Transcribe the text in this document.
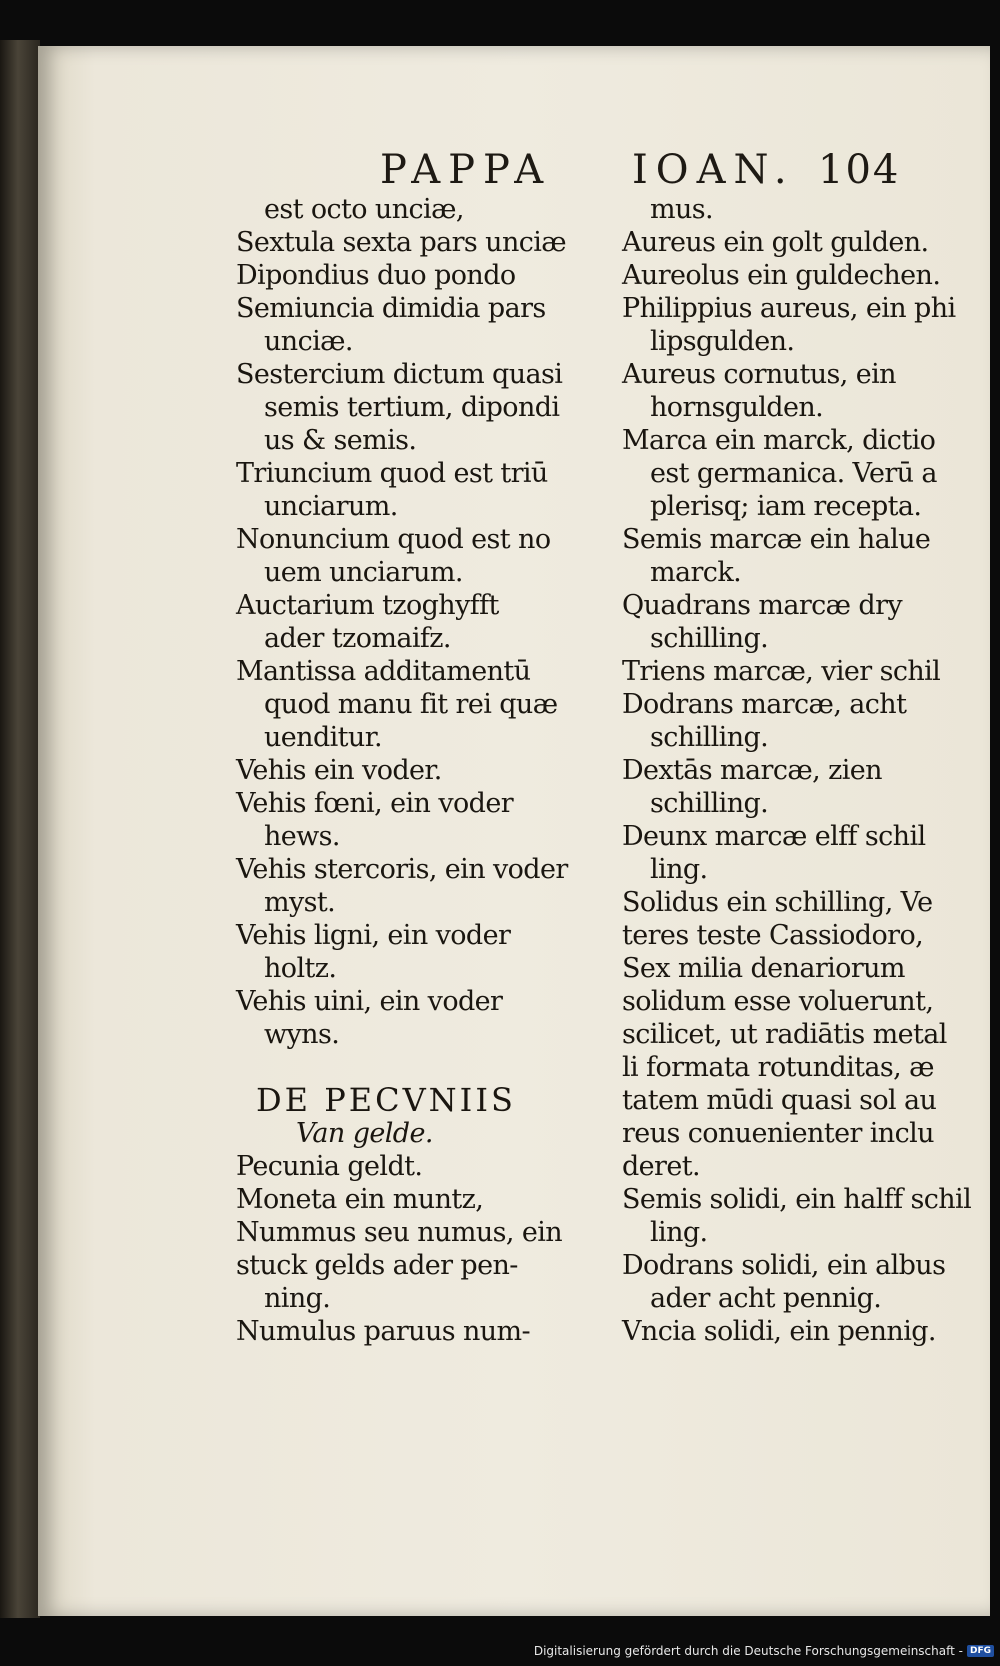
PAPPA IOAN. 104
est octo unciæ,
Sextula sexta pars unciæ
Dipondius duo pondo
Semiuncia dimidia pars
unciæ.
Sestercium dictum quasi
semis tertium, dipondi
us & semis.
Triuncium quod est triū
unciarum.
Nonuncium quod est no
uem unciarum.
Auctarium tzoghyfft
ader tzomaifz.
Mantissa additamentū
quod manu fit rei quæ
uenditur.
Vehis ein voder.
Vehis fœni, ein voder
hews.
Vehis stercoris, ein voder
myst.
Vehis ligni, ein voder
holtz.
Vehis uini, ein voder
wyns.
DE PECVNIIS
Van gelde.
Pecunia geldt.
Moneta ein muntz,
Nummus seu numus, ein
stuck gelds ader pen-
ning.
Numulus paruus num-
mus.
Aureus ein golt gulden.
Aureolus ein guldechen.
Philippius aureus, ein phi
lipsgulden.
Aureus cornutus, ein
hornsgulden.
Marca ein marck, dictio
est germanica. Verū a
plerisq; iam recepta.
Semis marcæ ein halue
marck.
Quadrans marcæ dry
schilling.
Triens marcæ, vier schil
Dodrans marcæ, acht
schilling.
Dextās marcæ, zien
schilling.
Deunx marcæ elff schil
ling.
Solidus ein schilling, Ve
teres teste Cassiodoro,
Sex milia denariorum
solidum esse voluerunt,
scilicet, ut radiātis metal
li formata rotunditas, æ
tatem mūdi quasi sol au
reus conuenienter inclu
deret.
Semis solidi, ein halff schil
ling.
Dodrans solidi, ein albus
ader acht pennig.
Vncia solidi, ein pennig.
Digitalisierung gefördert durch die Deutsche Forschungsgemeinschaft - DFG
